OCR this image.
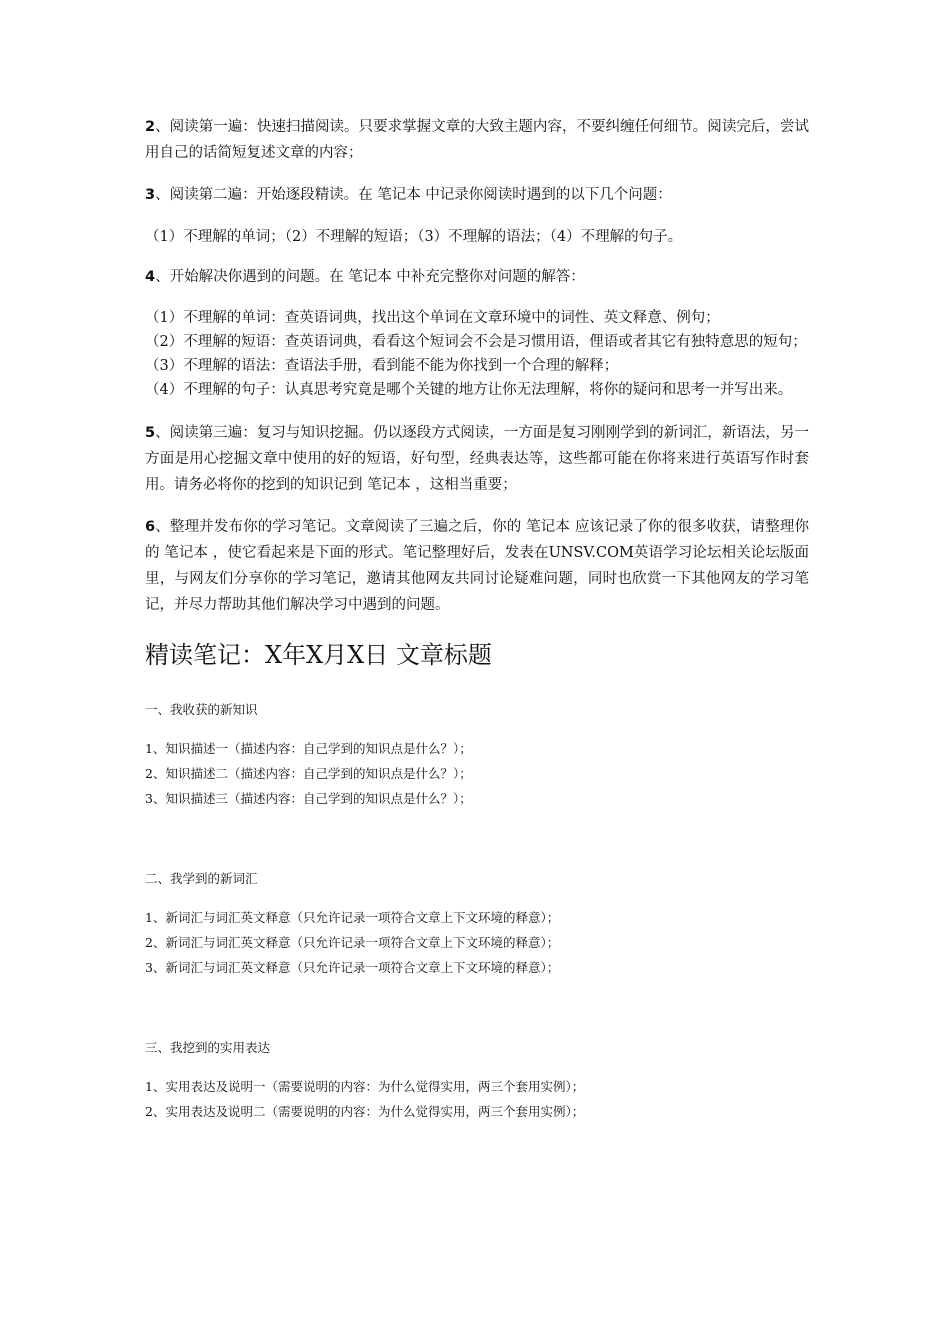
2、阅读第一遍：快速扫描阅读。只要求掌握文章的大致主题内容，不要纠缠任何细节。阅读完后，尝试用自己的话简短复述文章的内容；

3、阅读第二遍：开始逐段精读。在 笔记本 中记录你阅读时遇到的以下几个问题：

（1）不理解的单词；（2）不理解的短语；（3）不理解的语法；（4）不理解的句子。

4、开始解决你遇到的问题。在 笔记本 中补充完整你对问题的解答：

（1）不理解的单词：查英语词典，找出这个单词在文章环境中的词性、英文释意、例句；
（2）不理解的短语：查英语词典，看看这个短词会不会是习惯用语，俚语或者其它有独特意思的短句；
（3）不理解的语法：查语法手册，看到能不能为你找到一个合理的解释；
（4）不理解的句子：认真思考究竟是哪个关键的地方让你无法理解，将你的疑问和思考一并写出来。

5、阅读第三遍：复习与知识挖掘。仍以逐段方式阅读，一方面是复习刚刚学到的新词汇，新语法，另一方面是用心挖掘文章中使用的好的短语，好句型，经典表达等，这些都可能在你将来进行英语写作时套用。请务必将你的挖到的知识记到 笔记本 ，这相当重要；

6、整理并发布你的学习笔记。文章阅读了三遍之后，你的 笔记本 应该记录了你的很多收获，请整理你的 笔记本 ，使它看起来是下面的形式。笔记整理好后，发表在UNSV.COM英语学习论坛相关论坛版面里，与网友们分享你的学习笔记，邀请其他网友共同讨论疑难问题，同时也欣赏一下其他网友的学习笔记，并尽力帮助其他们解决学习中遇到的问题。

精读笔记：X年X月X日 文章标题
一、我收获的新知识
1、知识描述一（描述内容：自己学到的知识点是什么？）；
2、知识描述二（描述内容：自己学到的知识点是什么？）；
3、知识描述三（描述内容：自己学到的知识点是什么？）；
二、我学到的新词汇
1、新词汇与词汇英文释意（只允许记录一项符合文章上下文环境的释意）；
2、新词汇与词汇英文释意（只允许记录一项符合文章上下文环境的释意）；
3、新词汇与词汇英文释意（只允许记录一项符合文章上下文环境的释意）；
三、我挖到的实用表达
1、实用表达及说明一（需要说明的内容：为什么觉得实用，两三个套用实例）；
2、实用表达及说明二（需要说明的内容：为什么觉得实用，两三个套用实例）；
